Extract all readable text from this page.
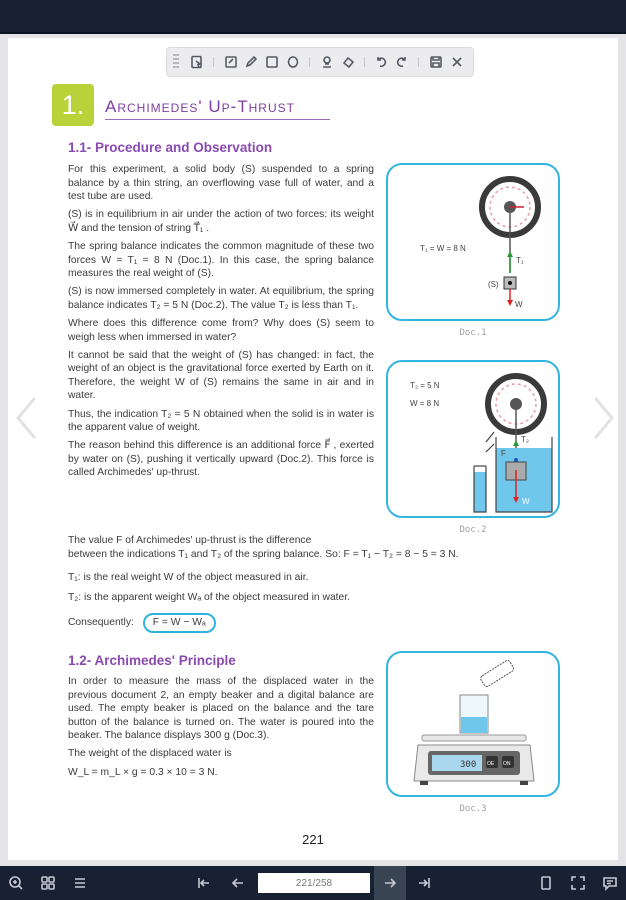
1.	Archimedes' Up-Thrust
1.1- Procedure and Observation

For this experiment, a solid body (S) suspended to a spring balance by a thin string, an overflowing vase full of water, and a test tube are used.

(S) is in equilibrium in air under the action of two forces: its weight W⃗ and the tension of string T⃗₁ .

The spring balance indicates the common magnitude of these two forces W = T₁ = 8 N (Doc.1). In this case, the spring balance measures the real weight of (S).

(S) is now immersed completely in water. At equilibrium, the spring balance indicates T₂ = 5 N (Doc.2). The value T₂ is less than T₁.

Where does this difference come from? Why does (S) seem to weigh less when immersed in water?

It cannot be said that the weight of (S) has changed: in fact, the weight of an object is the gravitational force exerted by Earth on it. Therefore, the weight W of (S) remains the same in air and in water.

Thus, the indication T₂ = 5 N obtained when the solid is in water is the apparent value of weight.

The reason behind this difference is an additional force F⃗ , exerted by water on (S), pushing it vertically upward (Doc.2). This force is called Archimedes' up-thrust.

The value F of Archimedes' up-thrust is the difference
between the indications T₁ and T₂ of the spring balance. So: F = T₁ − T₂ = 8 − 5 = 3 N.
T₁: is the real weight W of the object measured in air.
T₂: is the apparent weight Wₐ of the object measured in water.
Consequently: F = W − Wₐ
1.2- Archimedes' Principle

In order to measure the mass of the displaced water in the previous document 2, an empty beaker and a digital balance are used. The empty beaker is placed on the balance and the tare button of the balance is turned on. The water is poured into the beaker. The balance displays 300 g (Doc.3).

The weight of the displaced water is

W_L = m_L × g = 0.3 × 10 = 3 N.

T₁ = W = 8 N
T₁
(S)
W
Doc.1
T₂ = 5 N
W = 8 N
T₂
F
W
Doc.2
300 OE ON
Doc.3
221
221/258
